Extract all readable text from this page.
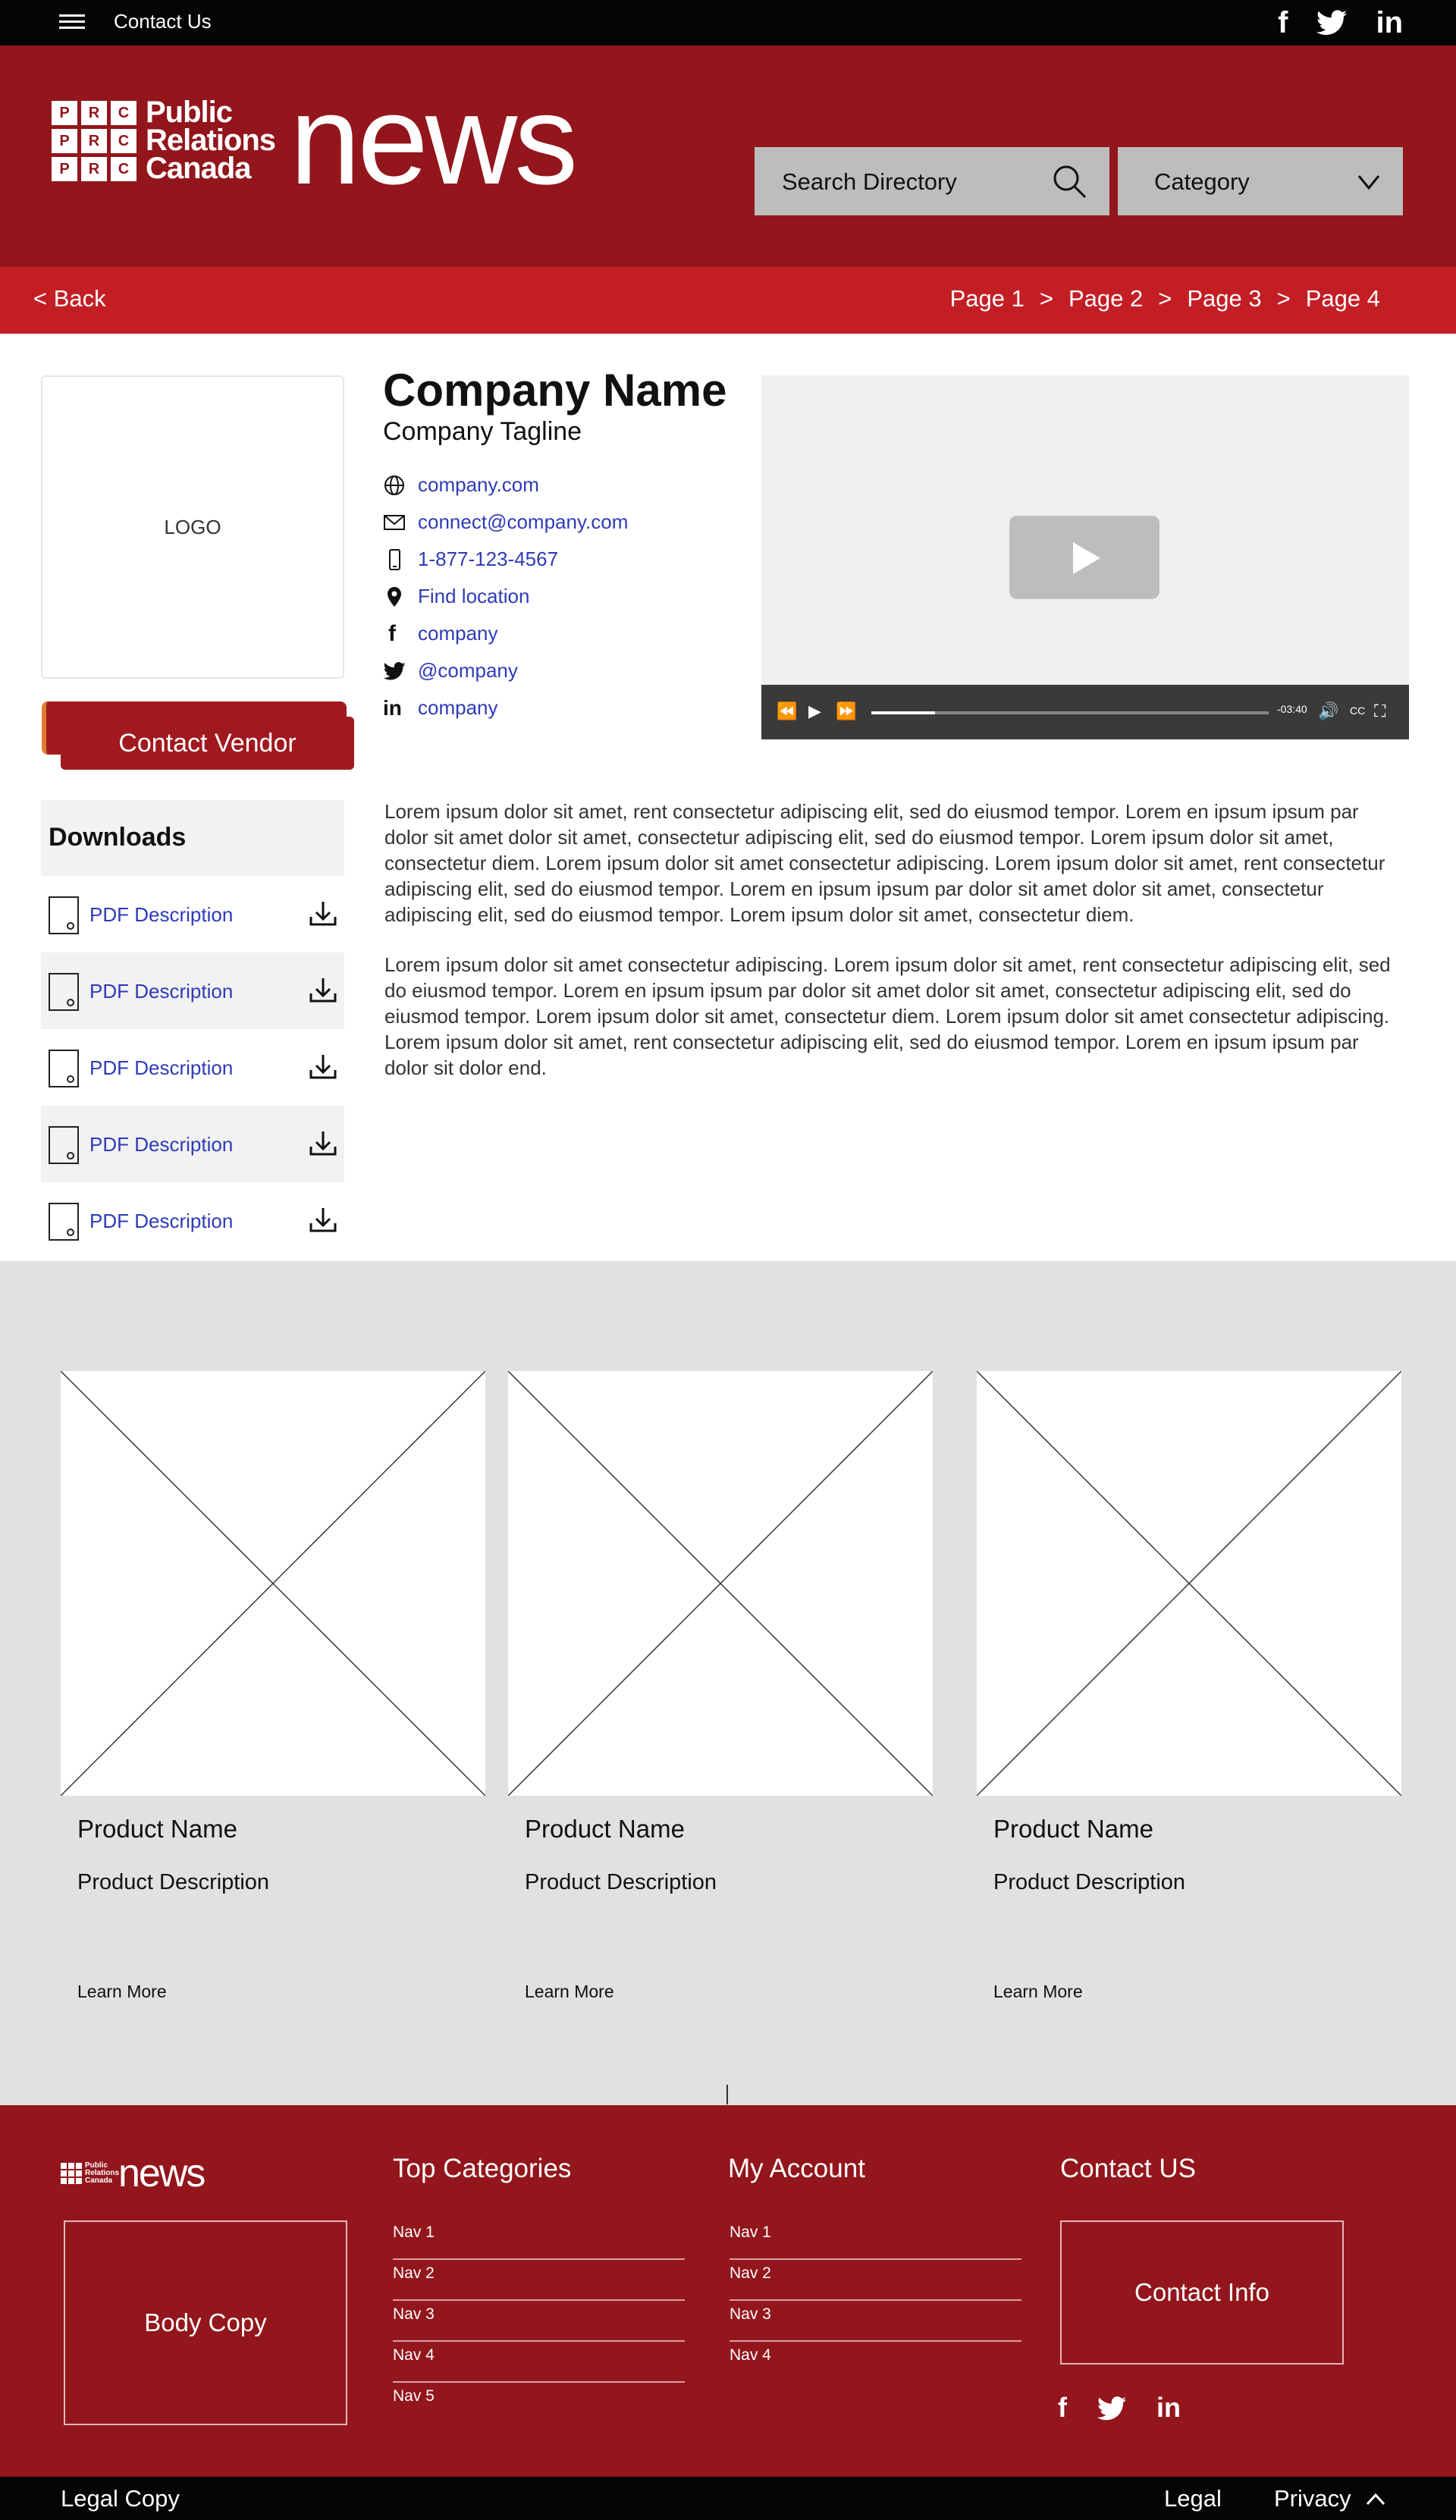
Contact Us	f	in
P	R	C
P	R	C
P	R	C
Public
Relations
Canada news	Search Directory	Category
< Back	Page 1 > Page 2 > Page 3 > Page 4
LOGO
Contact Vendor
Downloads
PDF Description
PDF Description
PDF Description
PDF Description
PDF Description
Company Name
Company Tagline
company.com
connect@company.com
1-877-123-4567
Find location
f	company
@company
in company	⏪ ▶ ⏩	-03:40 🔊 CC ⛶

Lorem ipsum dolor sit amet, rent consectetur adipiscing elit, sed do eiusmod tempor. Lorem en ipsum ipsum par dolor sit amet dolor sit amet, consectetur adipiscing elit, sed do eiusmod tempor. Lorem ipsum dolor sit amet, consectetur diem. Lorem ipsum dolor sit amet consectetur adipiscing. Lorem ipsum dolor sit amet, rent consectetur adipiscing elit, sed do eiusmod tempor. Lorem en ipsum ipsum par dolor sit amet dolor sit amet, consectetur adipiscing elit, sed do eiusmod tempor. Lorem ipsum dolor sit amet, consectetur diem.

Lorem ipsum dolor sit amet consectetur adipiscing. Lorem ipsum dolor sit amet, rent consectetur adipiscing elit, sed do eiusmod tempor. Lorem en ipsum ipsum par dolor sit amet dolor sit amet, consectetur adipiscing elit, sed do eiusmod tempor. Lorem ipsum dolor sit amet, consectetur diem. Lorem ipsum dolor sit amet consectetur adipiscing. Lorem ipsum dolor sit amet, rent consectetur adipiscing elit, sed do eiusmod tempor. Lorem en ipsum ipsum par dolor sit dolor end.

Product Name
Product Description
Learn More
Product Name
Product Description
Learn More
Product Name
Product Description
Learn More
Public Relations Canada news
Body Copy
Top Categories
Nav 1
Nav 2
Nav 3
Nav 4
Nav 5
My Account
Nav 1
Nav 2
Nav 3
Nav 4
Contact US
Contact Info
f	in
Legal Copy	Legal Privacy
